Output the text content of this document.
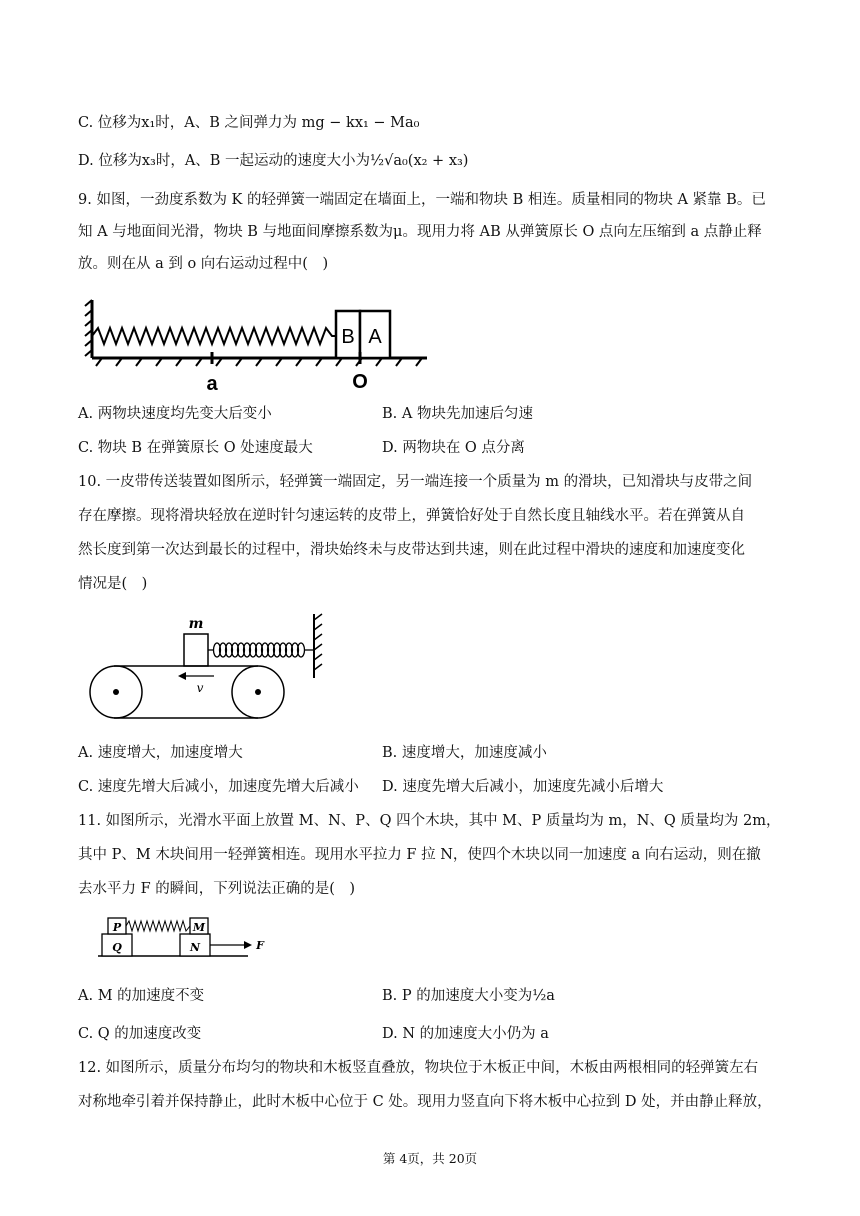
C. 位移为x₁时，A、B 之间弹力为 mg − kx₁ − Ma₀
D. 位移为x₃时，A、B 一起运动的速度大小为½√a₀(x₂ + x₃)
9. 如图，一劲度系数为 K 的轻弹簧一端固定在墙面上，一端和物块 B 相连。质量相同的物块 A 紧靠 B。已
知 A 与地面间光滑，物块 B 与地面间摩擦系数为μ。现用力将 AB 从弹簧原长 O 点向左压缩到 a 点静止释
放。则在从 a 到 o 向右运动过程中(　)
B A
a	O
A. 两物块速度均先变大后变小	B. A 物块先加速后匀速
C. 物块 B 在弹簧原长 O 处速度最大	D. 两物块在 O 点分离
10. 一皮带传送装置如图所示，轻弹簧一端固定，另一端连接一个质量为 m 的滑块，已知滑块与皮带之间
存在摩擦。现将滑块轻放在逆时针匀速运转的皮带上，弹簧恰好处于自然长度且轴线水平。若在弹簧从自
然长度到第一次达到最长的过程中，滑块始终未与皮带达到共速，则在此过程中滑块的速度和加速度变化
情况是(　)
m
v
A. 速度增大，加速度增大	B. 速度增大，加速度减小
C. 速度先增大后减小，加速度先增大后减小 D. 速度先增大后减小，加速度先减小后增大
11. 如图所示，光滑水平面上放置 M、N、P、Q 四个木块，其中 M、P 质量均为 m，N、Q 质量均为 2m，
其中 P、M 木块间用一轻弹簧相连。现用水平拉力 F 拉 N，使四个木块以同一加速度 a 向右运动，则在撤
去水平力 F 的瞬间，下列说法正确的是(　)
P	M
Q	N	F
A. M 的加速度不变	B. P 的加速度大小变为½a
C. Q 的加速度改变	D. N 的加速度大小仍为 a
12. 如图所示，质量分布均匀的物块和木板竖直叠放，物块位于木板正中间，木板由两根相同的轻弹簧左右
对称地牵引着并保持静止，此时木板中心位于 C 处。现用力竖直向下将木板中心拉到 D 处，并由静止释放，
第 4页，共 20页
